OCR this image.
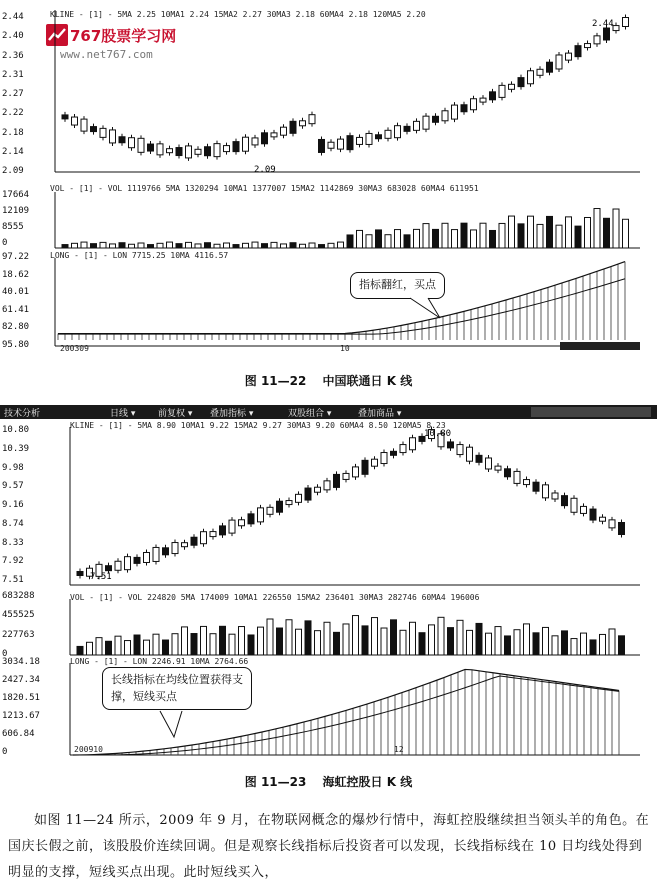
KLINE - [1] - 5MA 2.25 10MA1 2.24 15MA2 2.27 30MA3 2.18 60MA4 2.18 120MA5 2.20
2.44
2.40
2.36
2.31
2.27
2.22
2.18
2.14
2.09
767股票学习网
www.net767.com
2.44
2.09
VOL - [1] - VOL 1119766 5MA 1320294 10MA1 1377007 15MA2 1142869 30MA3 683028 60MA4 611951
17664
12109
8555
0
LONG - [1] - LON 7715.25 10MA 4116.57
97.22
18.62
40.01
61.41
82.80
95.80	200309	10
指标翻红，买点
图 11—22 中国联通日 K 线
技术分析	日线 ▾	前复权 ▾ 叠加指标 ▾	双股组合 ▾	叠加商品 ▾
KLINE - [1] - 5MA 8.90 10MA1 9.22 15MA2 9.27 30MA3 9.20 60MA4 8.50 120MA5 8.23
10.80
10.39
9.98
9.57
9.16
8.74
8.33
7.92
7.51
10.80
7.51
VOL - [1] - VOL 224820 5MA 174009 10MA1 226550 15MA2 236401 30MA3 282746 60MA4 196006
683288
455525
227763
0
LONG - [1] - LON 2246.91 10MA 2764.66
3034.18
2427.34
1820.51
1213.67
606.84
0	200910	12
长线指标在均线位置获得支撑，短线买点
图 11—23 海虹控股日 K 线

如图 11—24 所示，2009 年 9 月，在物联网概念的爆炒行情中，海虹控股继续担当领头羊的角色。在国庆长假之前，该股股价连续回调。但是观察长线指标后投资者可以发现，长线指标线在 10 日均线处得到明显的支撑，短线买点出现。此时短线买入，
